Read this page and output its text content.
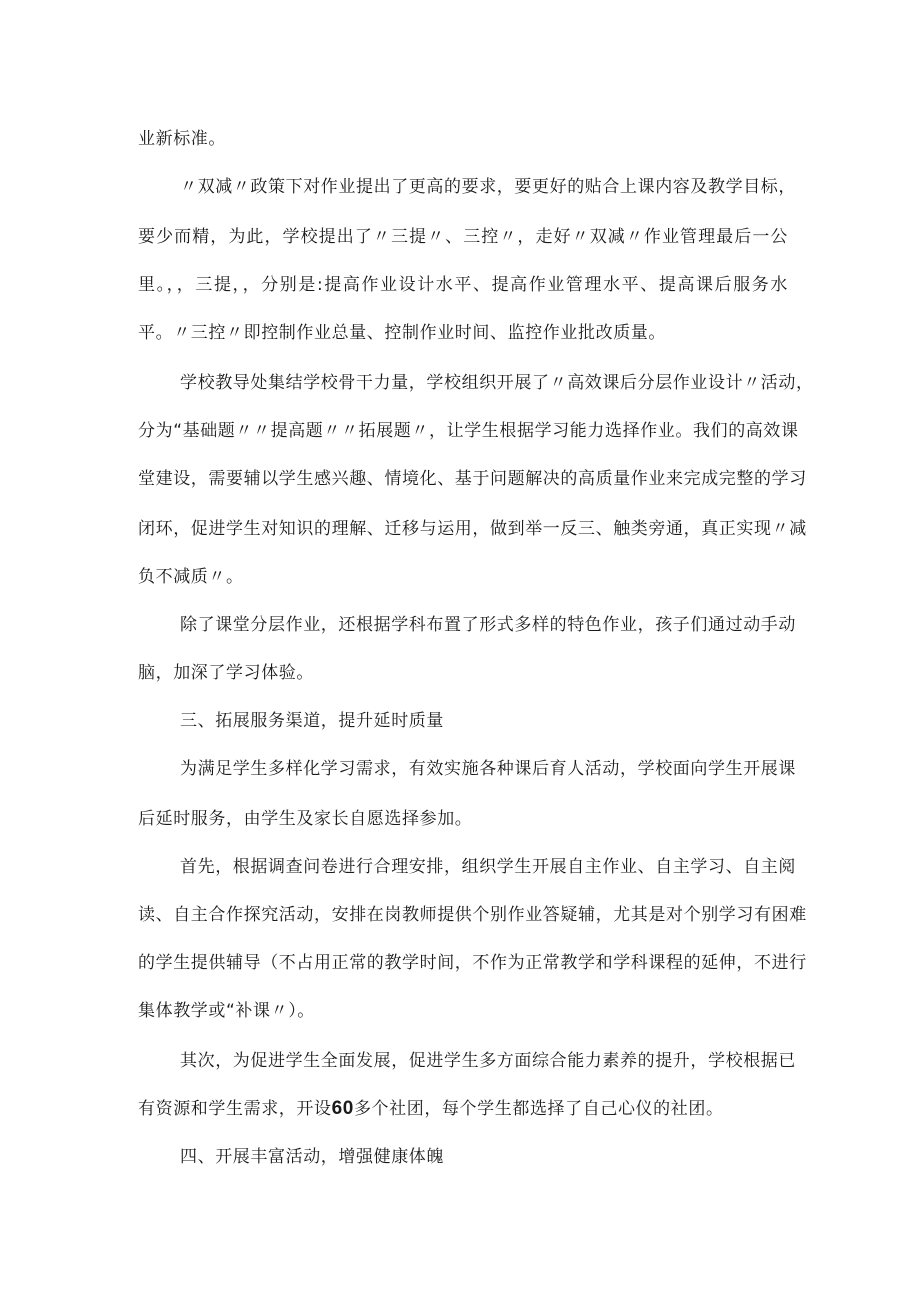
业新标准。
〃双减〃政策下对作业提出了更高的要求，要更好的贴合上课内容及教学目标，
要少而精，为此，学校提出了〃三提〃、三控〃，走好〃双减〃作业管理最后一公
里。，，三提，，分别是:提高作业设计水平、提高作业管理水平、提高课后服务水
平。〃三控〃即控制作业总量、控制作业时间、监控作业批改质量。
学校教导处集结学校骨干力量，学校组织开展了〃高效课后分层作业设计〃活动，
分为“基础题〃〃提高题〃〃拓展题〃，让学生根据学习能力选择作业。我们的高效课
堂建设，需要辅以学生感兴趣、情境化、基于问题解决的高质量作业来完成完整的学习
闭环，促进学生对知识的理解、迁移与运用，做到举一反三、触类旁通，真正实现〃减
负不减质〃。
除了课堂分层作业，还根据学科布置了形式多样的特色作业，孩子们通过动手动
脑，加深了学习体验。
三、拓展服务渠道，提升延时质量
为满足学生多样化学习需求，有效实施各种课后育人活动，学校面向学生开展课
后延时服务，由学生及家长自愿选择参加。
首先，根据调查问卷进行合理安排，组织学生开展自主作业、自主学习、自主阅
读、自主合作探究活动，安排在岗教师提供个别作业答疑辅，尤其是对个别学习有困难
的学生提供辅导（不占用正常的教学时间，不作为正常教学和学科课程的延伸，不进行
集体教学或“补课〃）。
其次，为促进学生全面发展，促进学生多方面综合能力素养的提升，学校根据已
有资源和学生需求，开设60多个社团，每个学生都选择了自己心仪的社团。
四、开展丰富活动，增强健康体魄
